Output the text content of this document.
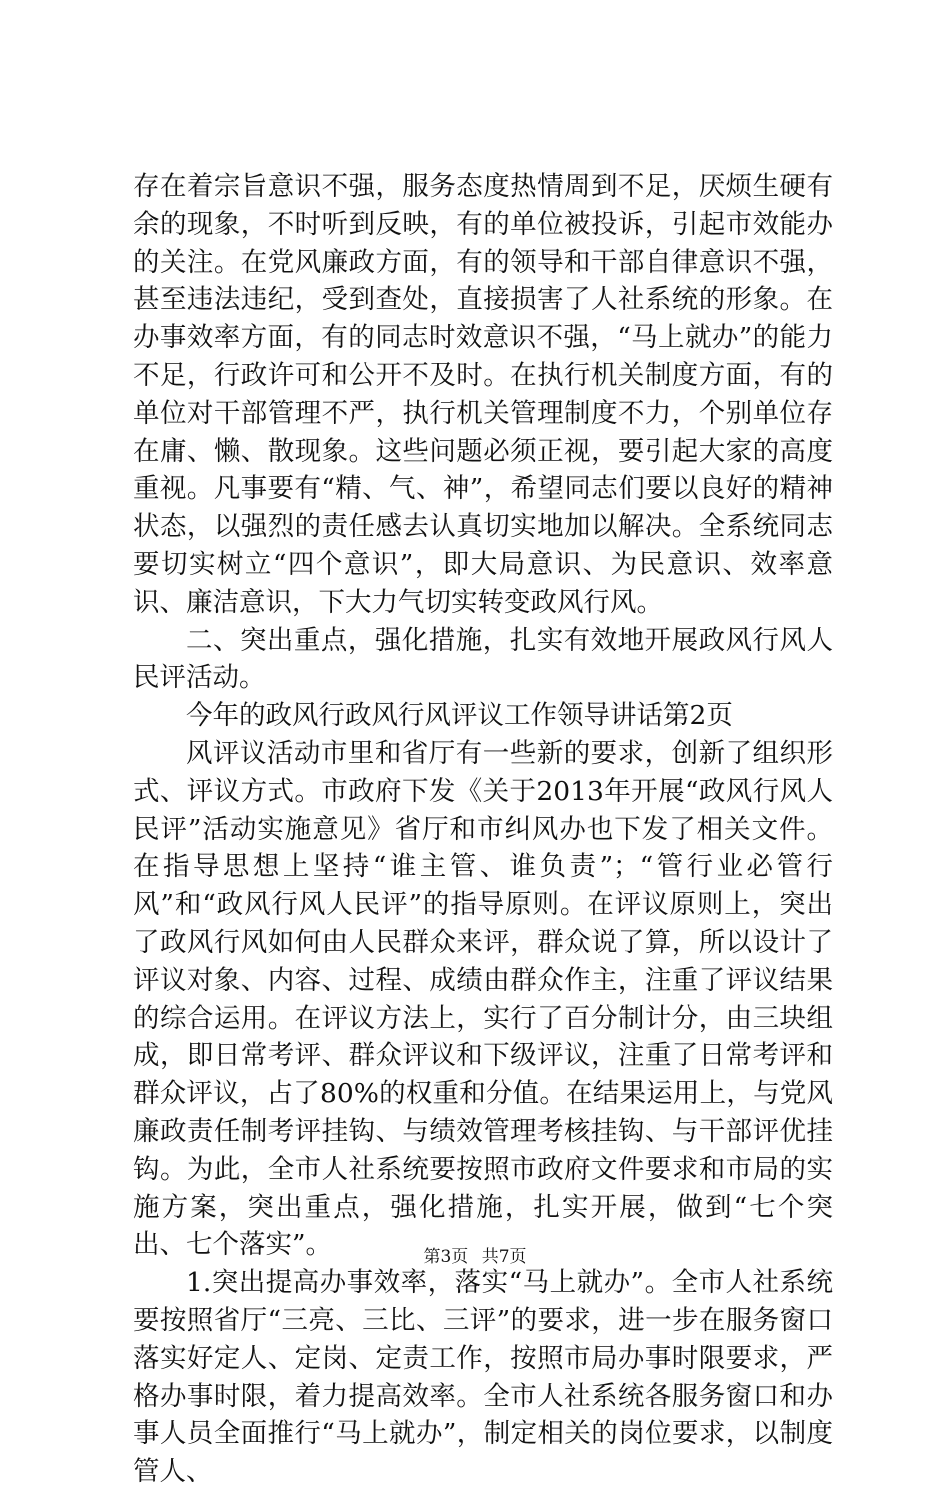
存在着宗旨意识不强，服务态度热情周到不足，厌烦生硬有余的现象，不时听到反映，有的单位被投诉，引起市效能办的关注。在党风廉政方面，有的领导和干部自律意识不强，甚至违法违纪，受到查处，直接损害了人社系统的形象。在办事效率方面，有的同志时效意识不强，“马上就办”的能力不足，行政许可和公开不及时。在执行机关制度方面，有的单位对干部管理不严，执行机关管理制度不力，个别单位存在庸、懒、散现象。这些问题必须正视，要引起大家的高度重视。凡事要有“精、气、神”，希望同志们要以良好的精神状态，以强烈的责任感去认真切实地加以解决。全系统同志要切实树立“四个意识”，即大局意识、为民意识、效率意识、廉洁意识，下大力气切实转变政风行风。

二、突出重点，强化措施，扎实有效地开展政风行风人民评活动。

今年的政风行政风行风评议工作领导讲话第2页

风评议活动市里和省厅有一些新的要求，创新了组织形式、评议方式。市政府下发《关于2013年开展“政风行风人民评”活动实施意见》省厅和市纠风办也下发了相关文件。在指导思想上坚持“谁主管、谁负责”；“管行业必管行风”和“政风行风人民评”的指导原则。在评议原则上，突出了政风行风如何由人民群众来评，群众说了算，所以设计了评议对象、内容、过程、成绩由群众作主，注重了评议结果的综合运用。在评议方法上，实行了百分制计分，由三块组成，即日常考评、群众评议和下级评议，注重了日常考评和群众评议，占了80%的权重和分值。在结果运用上，与党风廉政责任制考评挂钩、与绩效管理考核挂钩、与干部评优挂钩。为此，全市人社系统要按照市政府文件要求和市局的实施方案，突出重点，强化措施，扎实开展，做到“七个突出、七个落实”。

1.突出提高办事效率，落实“马上就办”。全市人社系统要按照省厅“三亮、三比、三评”的要求，进一步在服务窗口落实好定人、定岗、定责工作，按照市局办事时限要求，严格办事时限，着力提高效率。全市人社系统各服务窗口和办事人员全面推行“马上就办”，制定相关的岗位要求，以制度管人、

第3页 共7页
